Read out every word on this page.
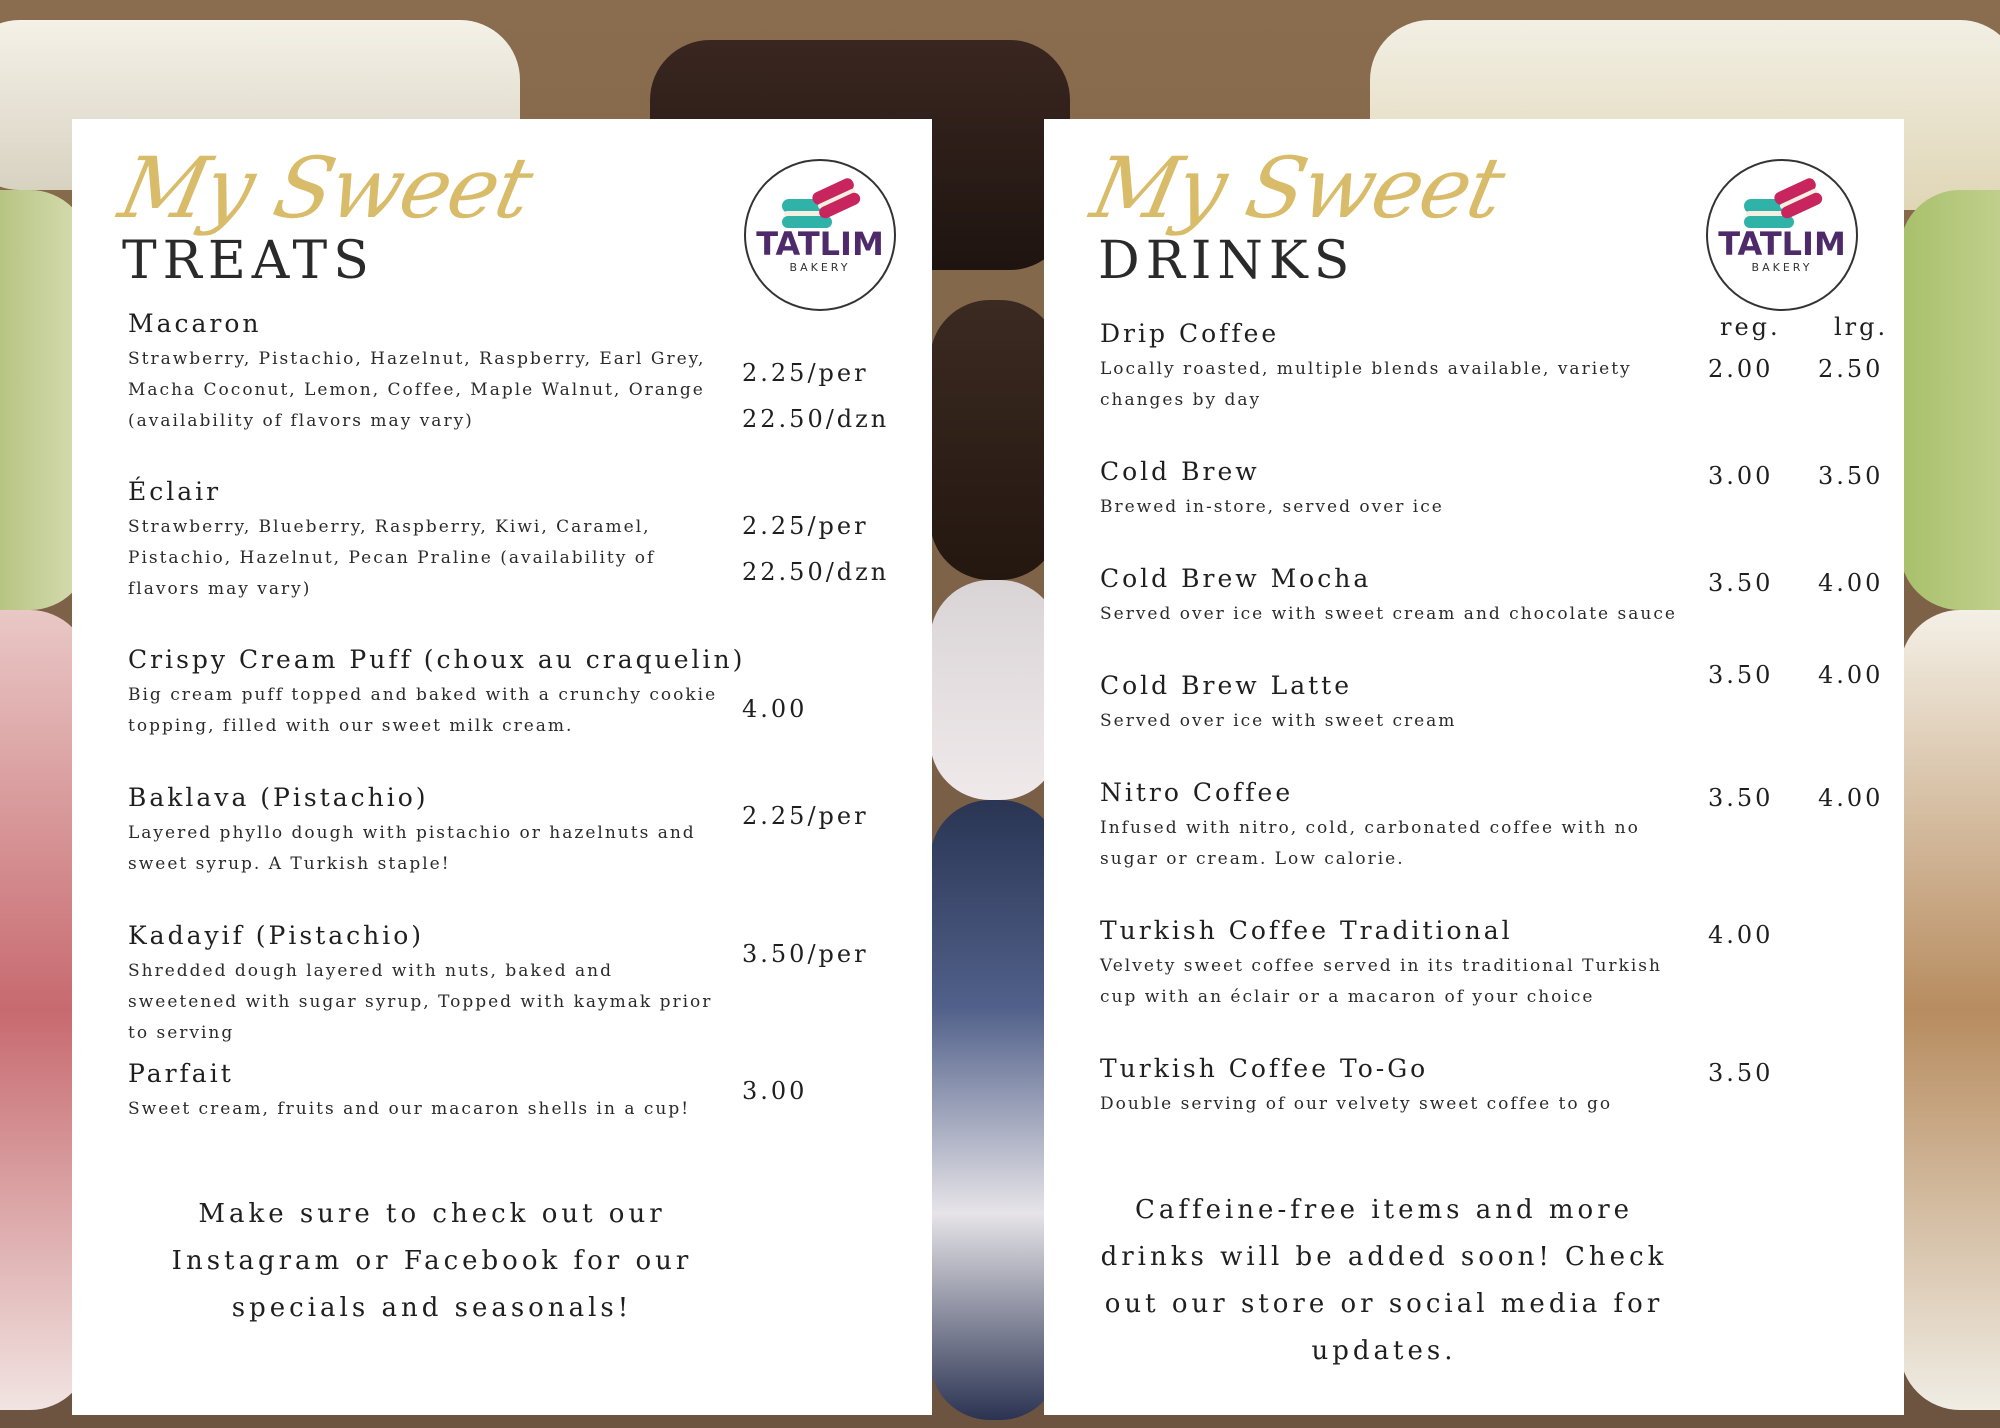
My Sweet
TREATS	TATLIM
BAKERY
Macaron
Strawberry, Pistachio, Hazelnut, Raspberry, Earl Grey, Macha Coconut, Lemon, Coffee, Maple Walnut, Orange (availability of flavors may vary)
2.25/per
22.50/dzn
Éclair
Strawberry, Blueberry, Raspberry, Kiwi, Caramel, Pistachio, Hazelnut, Pecan Praline (availability of flavors may vary)
2.25/per
22.50/dzn
Crispy Cream Puff (choux au craquelin)
Big cream puff topped and baked with a crunchy cookie topping, filled with our sweet milk cream.
4.00
Baklava (Pistachio)
Layered phyllo dough with pistachio or hazelnuts and sweet syrup. A Turkish staple!
2.25/per
Kadayif (Pistachio)
Shredded dough layered with nuts, baked and sweetened with sugar syrup, Topped with kaymak prior to serving
3.50/per
Parfait
Sweet cream, fruits and our macaron shells in a cup!
3.00
Make sure to check out our Instagram or Facebook for our specials and seasonals!
My Sweet
DRINKS	TATLIM
BAKERY
reg. lrg.
Drip Coffee
Locally roasted, multiple blends available, variety changes by day
2.00 2.50
Cold Brew
Brewed in-store, served over ice
3.00 3.50
Cold Brew Mocha
Served over ice with sweet cream and chocolate sauce
3.50 4.00
Cold Brew Latte
Served over ice with sweet cream
3.50 4.00
Nitro Coffee
Infused with nitro, cold, carbonated coffee with no sugar or cream. Low calorie.
3.50 4.00
Turkish Coffee Traditional
Velvety sweet coffee served in its traditional Turkish cup with an éclair or a macaron of your choice
4.00
Turkish Coffee To-Go
Double serving of our velvety sweet coffee to go
3.50
Caffeine-free items and more drinks will be added soon! Check out our store or social media for updates.
